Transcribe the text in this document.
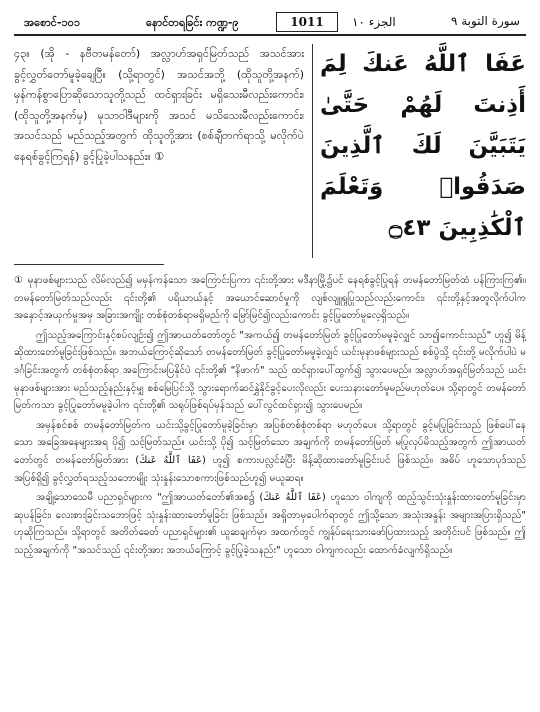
အစောင်-၁၀၁	နောင်တရခြင်း ကဏ္ဍ-၉	1011	الجزء ١٠	سورة التوبة ٩
၄၃။ (အို - နဗီတမန်တော်) အလ္လာဟ်အရှင်မြတ်သည် အသင်အား ခွင့်လွှတ်တော်မူခဲ့ချေပြီ။ (သို့ရာတွင်) အသင်အဘို့ (ထိုသူတို့အနက်) မှန်ကန်စွာပြောဆိုသောသူတို့သည် ထင်ရှားခြင်း မရှိသေးမီလည်းကောင်း၊ (ထိုသူတို့အနက်မှ) မုသာဝါဒီများကို အသင် မသိသေးမီလည်းကောင်း၊ အသင်သည် မည်သည့်အတွက် ထိုသူတို့အား (စစ်ချီတက်ရာသို့ မလိုက်ပဲ နေရစ်ခွင့်ကြရန်) ခွင့်ပြုခဲ့ပါသနည်း။ ①
عَفَا ٱللَّهُ عَنكَ لِمَ أَذِنتَ لَهُمْ حَتَّىٰ يَتَبَيَّنَ لَكَ ٱلَّذِينَ صَدَقُوا۟ وَتَعْلَمَ ٱلْكَٰذِبِينَ ۝٤٣

① မုနာဖစ်များသည် လိမ်လည်၍ မမှန်ကန်သော အကြောင်းပြကာ ၎င်းတို့အား မဒီနာမြို့၌ပင် နေရစ်ခွင့်ပြုရန် တမန်တော်မြတ်ထံ ပန်ကြားကြ၏။ တမန်တော်မြတ်သည်လည်း ၎င်းတို့၏ ပရိယာယ်နှင့် အယောင်ဆောင်မှုကို လျစ်လျူရှုပြုသည်လည်းကောင်း၊ ၎င်းတို့နှင့်အတူလိုက်ပါက အနှောင့်အယှက်မှုအမှ အခြားအကျိုး တစ်စုံတစ်ရာမရှိမည်ကို မြော်မြင်၍လည်းကောင်း ခွင့်ပြုတော်မူလေ့ရှိသည်။

ဤသည့်အကြောင်းနှင့်စပ်လျဉ်း၍ ဤအာယတ်တော်တွင် "အကယ်၍ တမန်တော်မြတ် ခွင့်ပြုတော်မမူခဲ့လျှင် သာ၍ကောင်းသည်" ဟူ၍ မိန့်ဆိုထားတော်မူခြင်းဖြစ်သည်။ အဘယ်ကြောင့်ဆိုသော် တမန်တော်မြတ် ခွင့်ပြုတော်မမူခဲ့လျှင် ယင်းမုနာဖစ်များသည် စစ်ပွဲသို့ ၎င်းတို့ မလိုက်ပါပဲ မဒင်္ဂခြင်းအတွက် တစ်စုံတစ်ရာ အကြောင်းမပြနိုင်ပဲ ၎င်းတို့၏ "နိဖာက်" သည် ထင်ရှားပေါ်ထွက်၍ သွားပေမည်။ အလ္လာဟ်အရှင်မြတ်သည် ယင်းမုနာဖစ်များအား မည်သည့်နည်းနှင့်မျှ စစ်မြေပြင်သို့ သွားရောက်ဆင်နွှဲနိုင်ခွင့်ပေးလိုလည်း ပေးသနားတော်မူမည်မဟုတ်ပေ။ သို့ရာတွင် တမန်တော်မြတ်ကသာ ခွင့်ပြုတော်မမူခဲ့ပါက ၎င်းတို့၏ သရုပ်ဖြစ်ရပ်မှန်သည် ပေါ်လွင်ထင်ရှား၍ သွားပေမည်။

အမှန်စင်စစ် တမန်တော်မြတ်က ယင်းသို့ခွင့်ပြုတော်မူခဲ့ခြင်းမှာ အပြစ်တစ်စုံတစ်ရာ မဟုတ်ပေ။ သို့ရာတွင် ခွင့်မပြုခြင်းသည် ဖြစ်ပေါ်နေသော အခြေအနေများအရ ပို၍ သင့်မြတ်သည်။ ယင်းသို့ ပို၍ သင့်မြတ်သော အချက်ကို တမန်တော်မြတ် မပြုလုပ်မိသည့်အတွက် ဤအာယတ်တော်တွင် တမန်တော်မြတ်အား (عَفَا ٱللَّهُ عَنكَ) ဟူ၍ စကားပလ္လင်ခံပြီး မိန့်ဆိုထားတော်မူခြင်းပင် ဖြစ်သည်။ အဓိပ် ဟူသောပုဒ်သည် အပြစ်ရှိ၍ ခွင့်လွှတ်ရသည့်သဘောမျိုး သုံးနှုန်းသောစကားဖြစ်သည်ဟူ၍ မယူဆရ။

အချို့သောသေမီ ပညာရှင်များက "ဤအာယတ်တော်၏အစ၌ (عَفَا ٱللَّهُ عَنكَ) ဟူသော ဝါကျကို ထည့်သွင်းသုံးနှုန်းထားတော်မူခြင်းမှာ ဆုပန်ခြင်း၊ လေးစားခြင်းသဘောဖြင့် သုံးနှုန်းထားတော်မူခြင်း ဖြစ်သည်။ အရှိုတာမှပေါက်ရာတွင် ဤသို့သော အသုံးအနှုန်း အများအပြားရှိသည်" ဟုဆိုကြသည်။ သို့ရာတွင် အတိတ်ခေတ် ပညာရှင်များ၏ ယူဆချက်မှာ အထက်တွင် ကျွန်ုပ်ရေးသားဖော်ပြထားသည့် အတိုင်းပင် ဖြစ်သည်။ ဤသည့်အချက်ကို "အသင်သည် ၎င်းတို့အား အဘယ်ကြောင့် ခွင့်ပြုခဲ့သနည်း" ဟူသော ဝါကျကလည်း ထောက်ခံလျက်ရှိသည်။
